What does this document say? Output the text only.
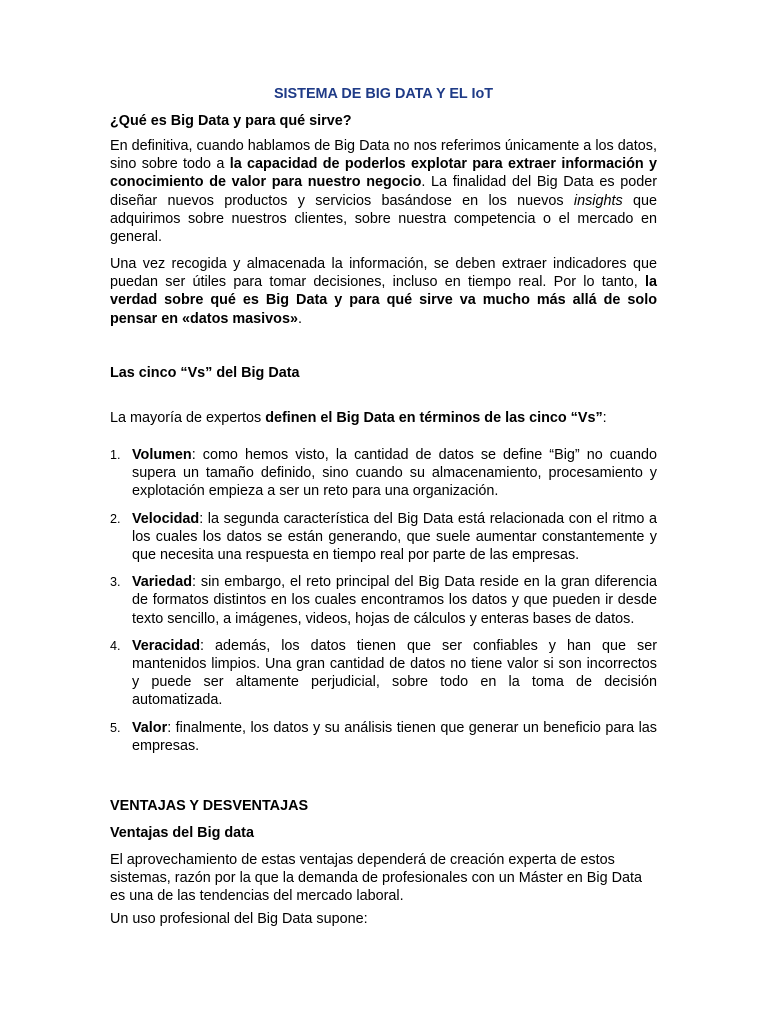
SISTEMA DE BIG DATA Y EL IoT
¿Qué es Big Data y para qué sirve?

En definitiva, cuando hablamos de Big Data no nos referimos únicamente a los datos, sino sobre todo a la capacidad de poderlos explotar para extraer información y conocimiento de valor para nuestro negocio. La finalidad del Big Data es poder diseñar nuevos productos y servicios basándose en los nuevos insights que adquirimos sobre nuestros clientes, sobre nuestra competencia o el mercado en general.

Una vez recogida y almacenada la información, se deben extraer indicadores que puedan ser útiles para tomar decisiones, incluso en tiempo real. Por lo tanto, la verdad sobre qué es Big Data y para qué sirve va mucho más allá de solo pensar en «datos masivos».

Las cinco “Vs” del Big Data

La mayoría de expertos definen el Big Data en términos de las cinco “Vs”:

1. Volumen: como hemos visto, la cantidad de datos se define “Big” no cuando supera un tamaño definido, sino cuando su almacenamiento, procesamiento y explotación empieza a ser un reto para una organización.
2. Velocidad: la segunda característica del Big Data está relacionada con el ritmo a los cuales los datos se están generando, que suele aumentar constantemente y que necesita una respuesta en tiempo real por parte de las empresas.
3. Variedad: sin embargo, el reto principal del Big Data reside en la gran diferencia de formatos distintos en los cuales encontramos los datos y que pueden ir desde texto sencillo, a imágenes, videos, hojas de cálculos y enteras bases de datos.
4. Veracidad: además, los datos tienen que ser confiables y han que ser mantenidos limpios. Una gran cantidad de datos no tiene valor si son incorrectos y puede ser altamente perjudicial, sobre todo en la toma de decisión automatizada.
5. Valor: finalmente, los datos y su análisis tienen que generar un beneficio para las empresas.
VENTAJAS Y DESVENTAJAS
Ventajas del Big data

El aprovechamiento de estas ventajas dependerá de creación experta de estos sistemas, razón por la que la demanda de profesionales con un Máster en Big Data es una de las tendencias del mercado laboral.

Un uso profesional del Big Data supone:
